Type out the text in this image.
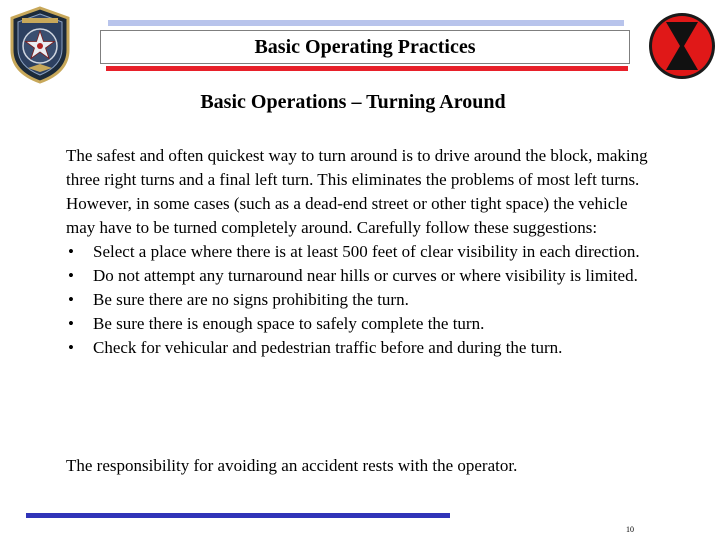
Basic Operating Practices
Basic Operations – Turning Around

The safest and often quickest way to turn around is to drive around the block, making three right turns and a final left turn. This eliminates the problems of most left turns. However, in some cases (such as a dead-end street or other tight space) the vehicle may have to be turned completely around. Carefully follow these suggestions:

• Select a place where there is at least 500 feet of clear visibility in each direction.
• Do not attempt any turnaround near hills or curves or where visibility is limited.
• Be sure there are no signs prohibiting the turn.
• Be sure there is enough space to safely complete the turn.
• Check for vehicular and pedestrian traffic before and during the turn.
The responsibility for avoiding an accident rests with the operator.
10
